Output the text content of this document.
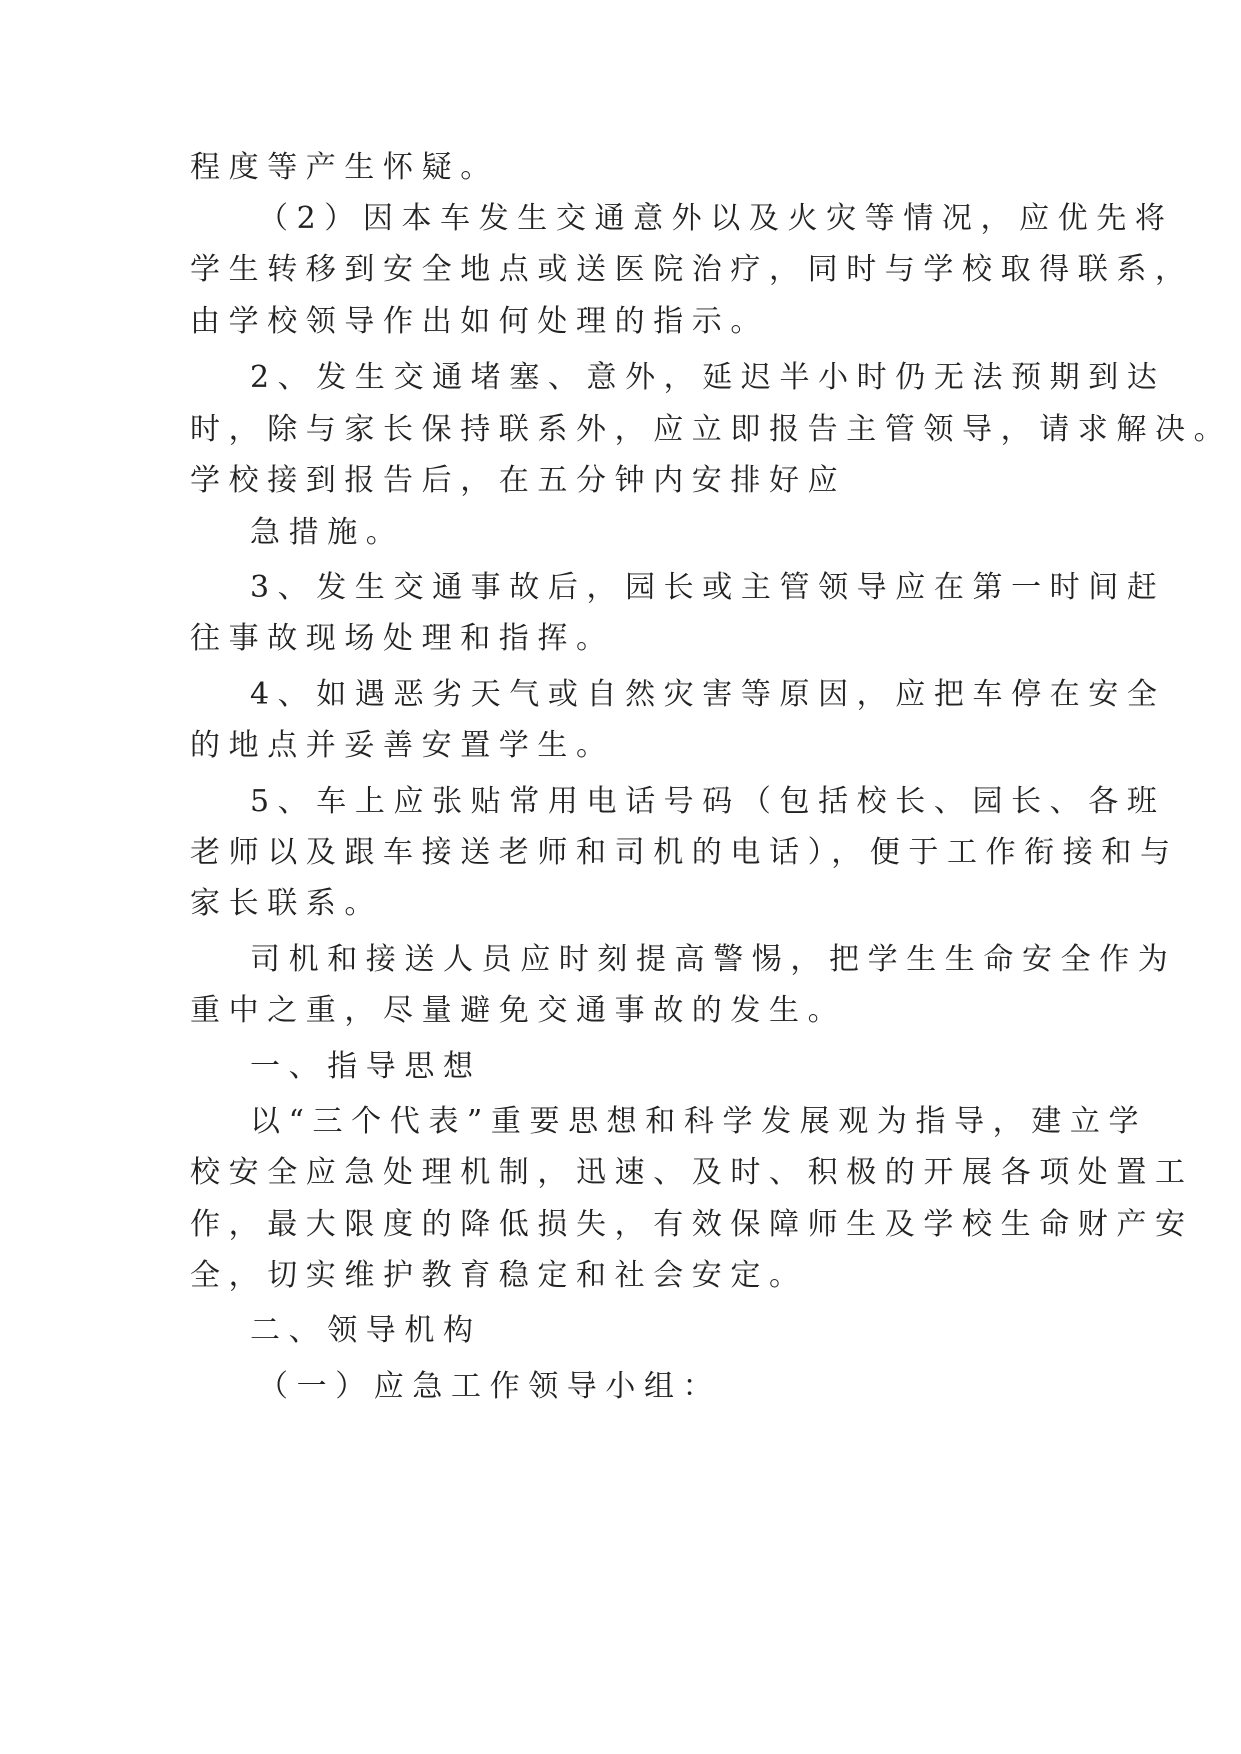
程度等产生怀疑。
（2）因本车发生交通意外以及火灾等情况，应优先将
学生转移到安全地点或送医院治疗，同时与学校取得联系，
由学校领导作出如何处理的指示。
2、发生交通堵塞、意外，延迟半小时仍无法预期到达
时，除与家长保持联系外，应立即报告主管领导，请求解决。
学校接到报告后，在五分钟内安排好应
急措施。
3、发生交通事故后，园长或主管领导应在第一时间赶
往事故现场处理和指挥。
4、如遇恶劣天气或自然灾害等原因，应把车停在安全
的地点并妥善安置学生。
5、车上应张贴常用电话号码（包括校长、园长、各班
老师以及跟车接送老师和司机的电话），便于工作衔接和与
家长联系。
司机和接送人员应时刻提高警惕，把学生生命安全作为
重中之重，尽量避免交通事故的发生。
一、指导思想
以“三个代表”重要思想和科学发展观为指导，建立学
校安全应急处理机制，迅速、及时、积极的开展各项处置工
作，最大限度的降低损失，有效保障师生及学校生命财产安
全，切实维护教育稳定和社会安定。
二、领导机构
（一）应急工作领导小组：
